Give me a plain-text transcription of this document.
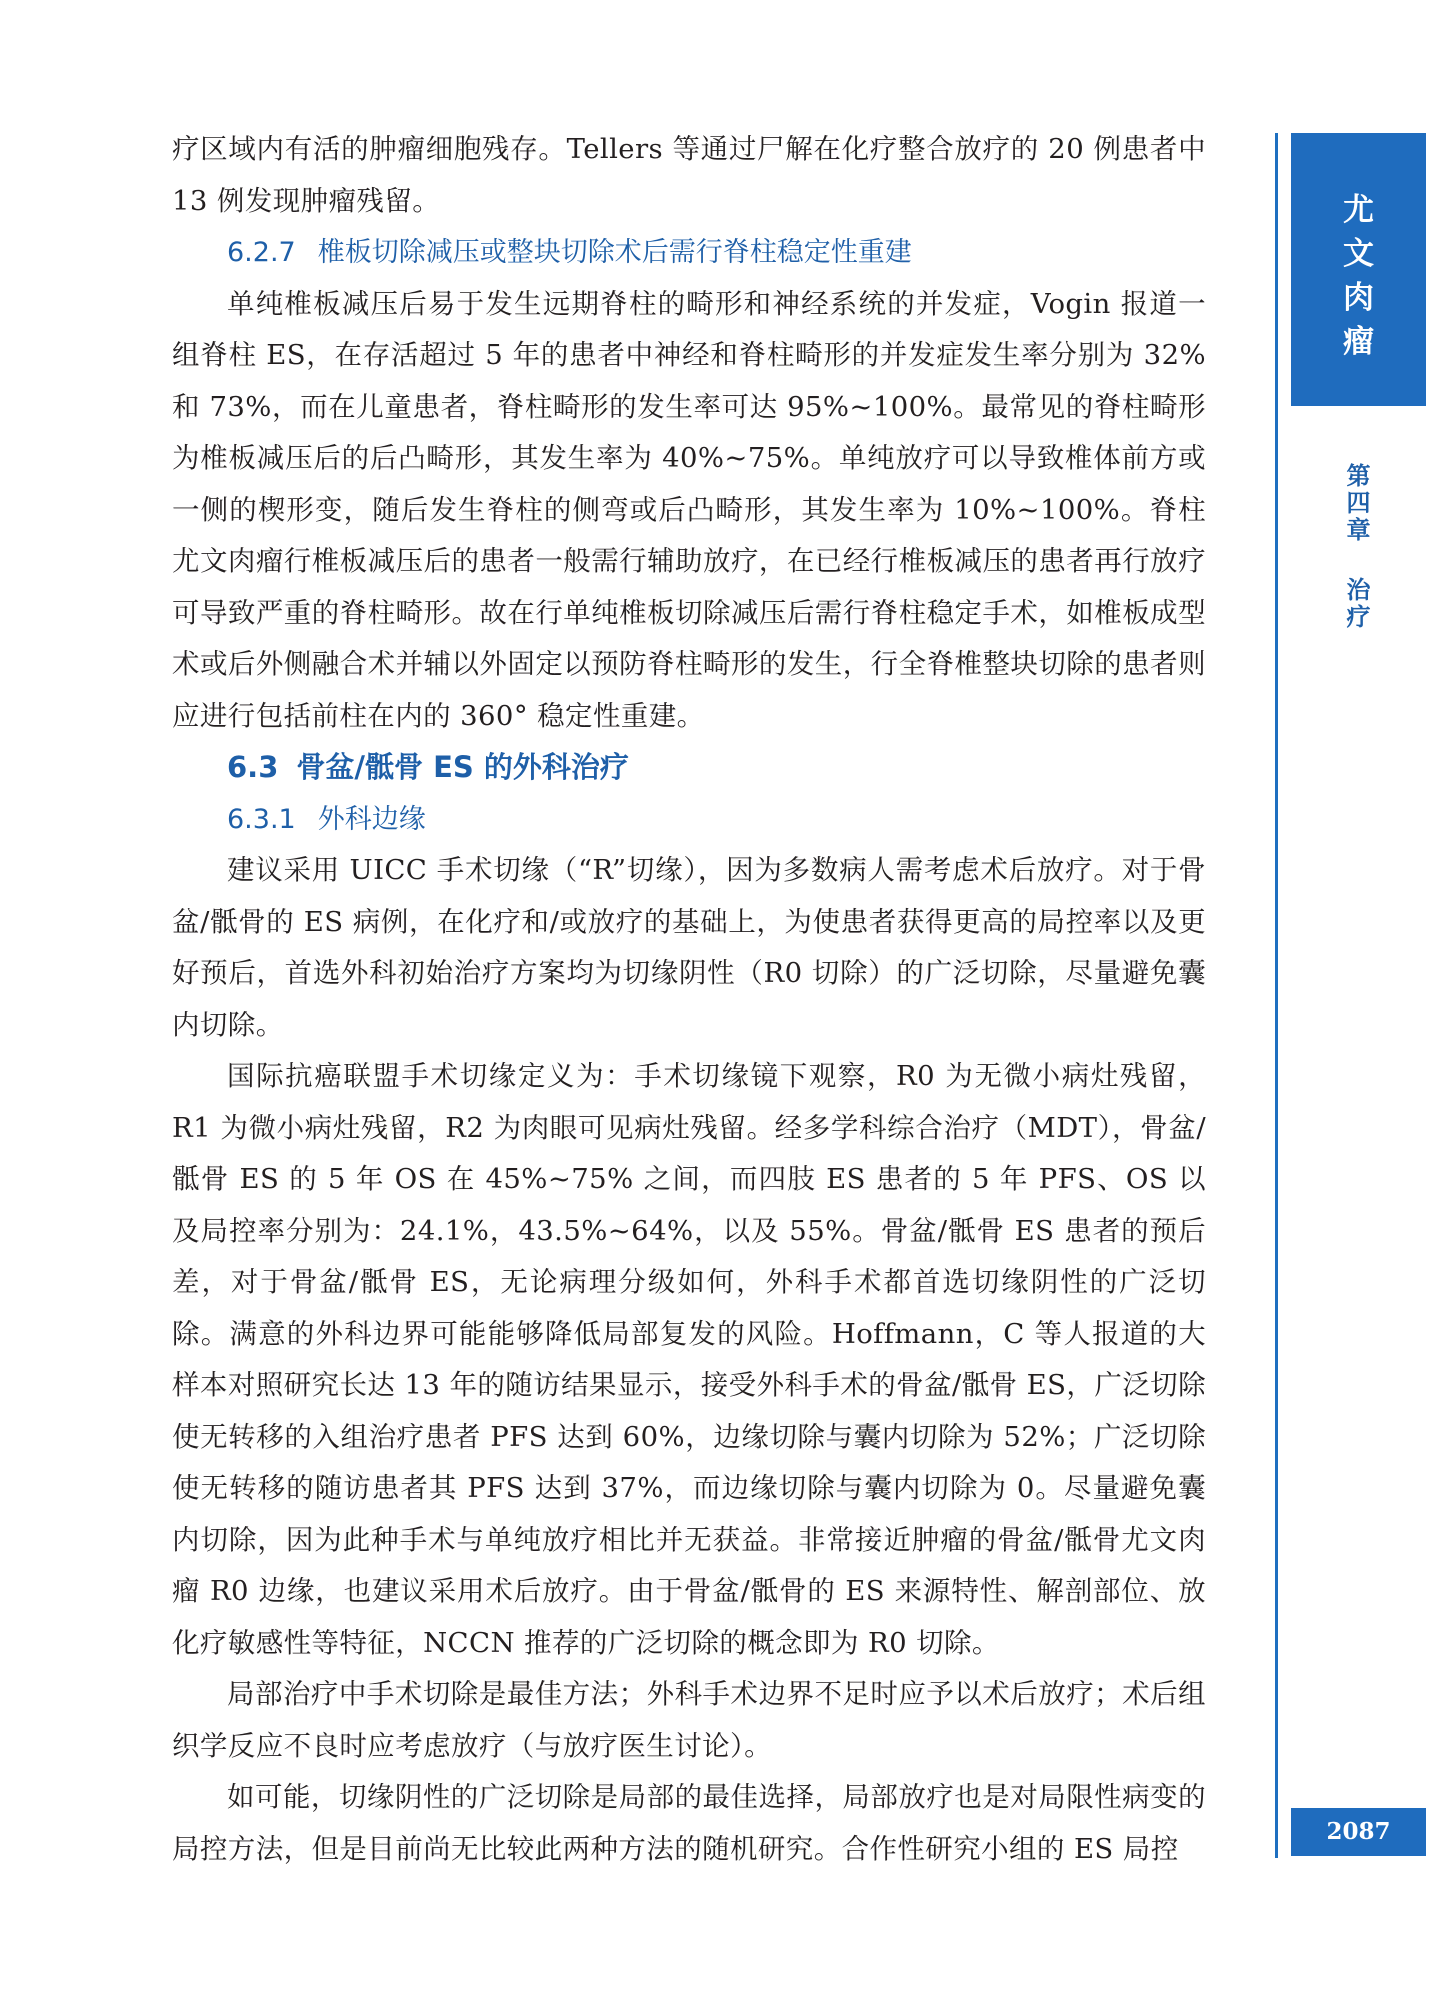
疗区域内有活的肿瘤细胞残存。Tellers 等通过尸解在化疗整合放疗的 20 例患者中 13 例发现肿瘤残留。

6.2.7 椎板切除减压或整块切除术后需行脊柱稳定性重建

单纯椎板减压后易于发生远期脊柱的畸形和神经系统的并发症，Vogin 报道一组脊柱 ES，在存活超过 5 年的患者中神经和脊柱畸形的并发症发生率分别为 32% 和 73%，而在儿童患者，脊柱畸形的发生率可达 95%~100%。最常见的脊柱畸形为椎板减压后的后凸畸形，其发生率为 40%~75%。单纯放疗可以导致椎体前方或一侧的楔形变，随后发生脊柱的侧弯或后凸畸形，其发生率为 10%~100%。脊柱尤文肉瘤行椎板减压后的患者一般需行辅助放疗，在已经行椎板减压的患者再行放疗可导致严重的脊柱畸形。故在行单纯椎板切除减压后需行脊柱稳定手术，如椎板成型术或后外侧融合术并辅以外固定以预防脊柱畸形的发生，行全脊椎整块切除的患者则应进行包括前柱在内的 360° 稳定性重建。

6.3 骨盆/骶骨 ES 的外科治疗
6.3.1 外科边缘

建议采用 UICC 手术切缘（“R”切缘），因为多数病人需考虑术后放疗。对于骨盆/骶骨的 ES 病例，在化疗和/或放疗的基础上，为使患者获得更高的局控率以及更好预后，首选外科初始治疗方案均为切缘阴性（R0 切除）的广泛切除，尽量避免囊内切除。

国际抗癌联盟手术切缘定义为：手术切缘镜下观察，R0 为无微小病灶残留，R1 为微小病灶残留，R2 为肉眼可见病灶残留。经多学科综合治疗（MDT），骨盆/骶骨 ES 的 5 年 OS 在 45%~75% 之间，而四肢 ES 患者的 5 年 PFS、OS 以及局控率分别为：24.1%，43.5%~64%，以及 55%。骨盆/骶骨 ES 患者的预后差，对于骨盆/骶骨 ES，无论病理分级如何，外科手术都首选切缘阴性的广泛切除。满意的外科边界可能能够降低局部复发的风险。Hoffmann，C 等人报道的大样本对照研究长达 13 年的随访结果显示，接受外科手术的骨盆/骶骨 ES，广泛切除使无转移的入组治疗患者 PFS 达到 60%，边缘切除与囊内切除为 52%；广泛切除使无转移的随访患者其 PFS 达到 37%，而边缘切除与囊内切除为 0。尽量避免囊内切除，因为此种手术与单纯放疗相比并无获益。非常接近肿瘤的骨盆/骶骨尤文肉瘤 R0 边缘，也建议采用术后放疗。由于骨盆/骶骨的 ES 来源特性、解剖部位、放化疗敏感性等特征，NCCN 推荐的广泛切除的概念即为 R0 切除。

局部治疗中手术切除是最佳方法；外科手术边界不足时应予以术后放疗；术后组织学反应不良时应考虑放疗（与放疗医生讨论）。

如可能，切缘阴性的广泛切除是局部的最佳选择，局部放疗也是对局限性病变的局控方法，但是目前尚无比较此两种方法的随机研究。合作性研究小组的 ES 局控

尤
文
肉
瘤
第
四
章
治
疗
2087
